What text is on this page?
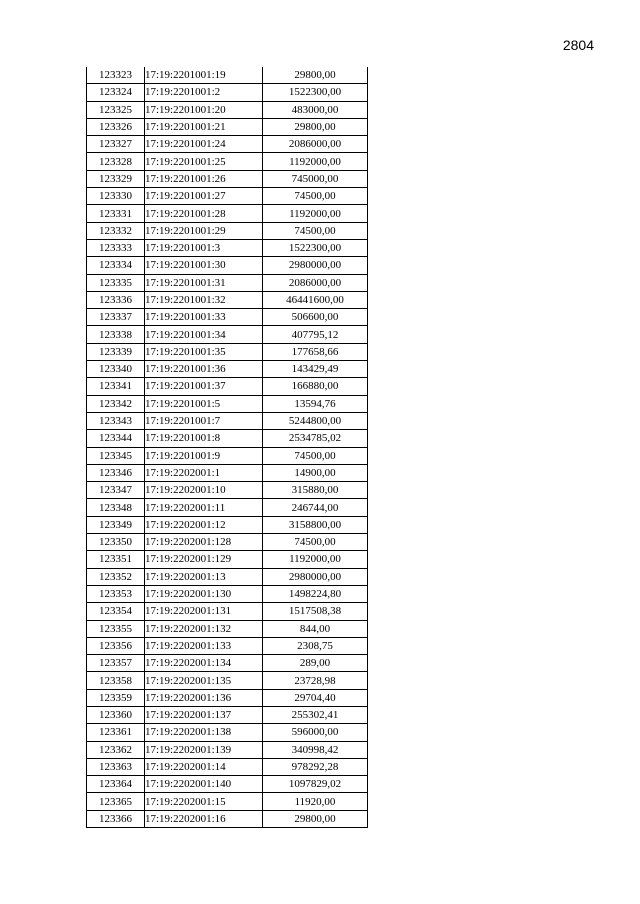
2804
123323	17:19:2201001:19	29800,00
123324	17:19:2201001:2	1522300,00
123325	17:19:2201001:20	483000,00
123326	17:19:2201001:21	29800,00
123327	17:19:2201001:24	2086000,00
123328	17:19:2201001:25	1192000,00
123329	17:19:2201001:26	745000,00
123330	17:19:2201001:27	74500,00
123331	17:19:2201001:28	1192000,00
123332	17:19:2201001:29	74500,00
123333	17:19:2201001:3	1522300,00
123334	17:19:2201001:30	2980000,00
123335	17:19:2201001:31	2086000,00
123336	17:19:2201001:32	46441600,00
123337	17:19:2201001:33	506600,00
123338	17:19:2201001:34	407795,12
123339	17:19:2201001:35	177658,66
123340	17:19:2201001:36	143429,49
123341	17:19:2201001:37	166880,00
123342	17:19:2201001:5	13594,76
123343	17:19:2201001:7	5244800,00
123344	17:19:2201001:8	2534785,02
123345	17:19:2201001:9	74500,00
123346	17:19:2202001:1	14900,00
123347	17:19:2202001:10	315880,00
123348	17:19:2202001:11	246744,00
123349	17:19:2202001:12	3158800,00
123350	17:19:2202001:128	74500,00
123351	17:19:2202001:129	1192000,00
123352	17:19:2202001:13	2980000,00
123353	17:19:2202001:130	1498224,80
123354	17:19:2202001:131	1517508,38
123355	17:19:2202001:132	844,00
123356	17:19:2202001:133	2308,75
123357	17:19:2202001:134	289,00
123358	17:19:2202001:135	23728,98
123359	17:19:2202001:136	29704,40
123360	17:19:2202001:137	255302,41
123361	17:19:2202001:138	596000,00
123362	17:19:2202001:139	340998,42
123363	17:19:2202001:14	978292,28
123364	17:19:2202001:140	1097829,02
123365	17:19:2202001:15	11920,00
123366	17:19:2202001:16	29800,00
